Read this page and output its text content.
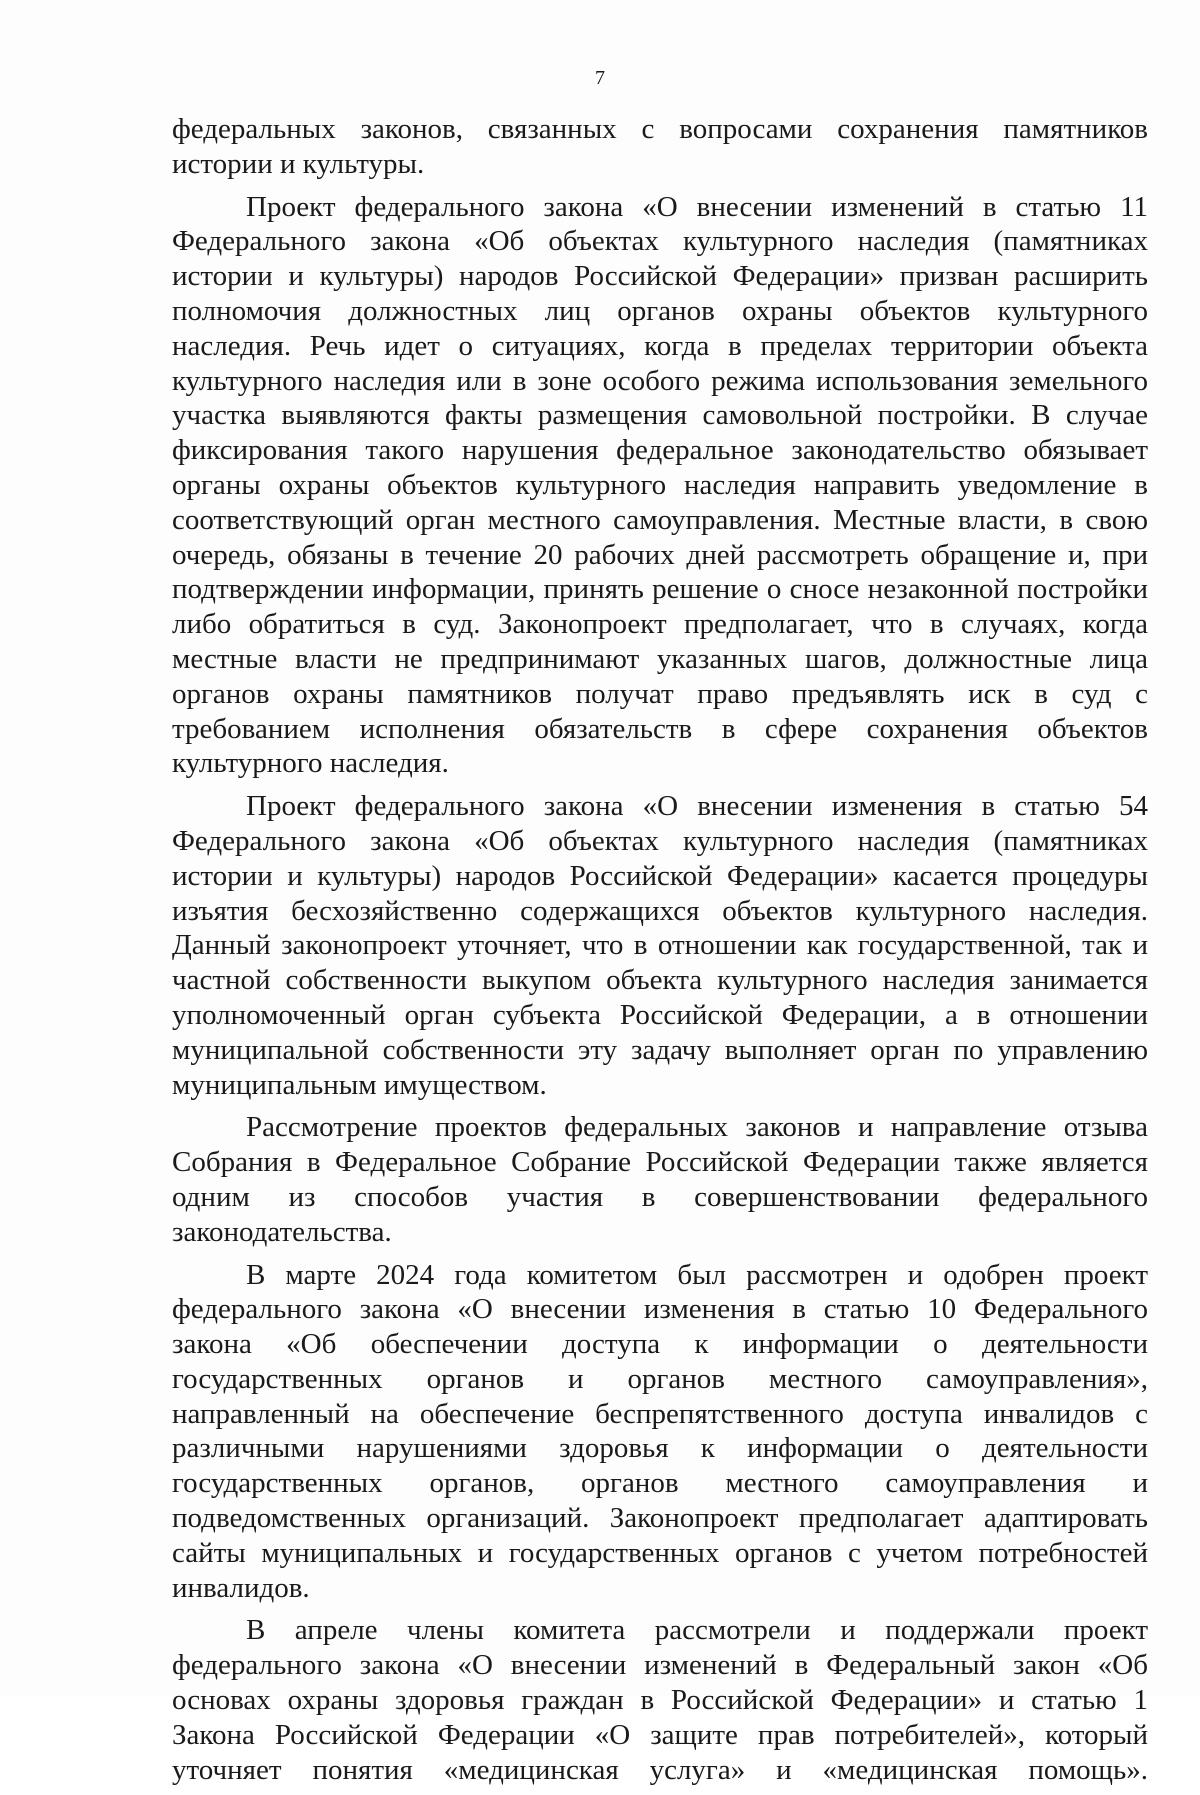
7

федеральных законов, связанных с вопросами сохранения памятников истории и культуры.

Проект федерального закона «О внесении изменений в статью 11 Федерального закона «Об объектах культурного наследия (памятниках истории и культуры) народов Российской Федерации» призван расширить полномочия должностных лиц органов охраны объектов культурного наследия. Речь идет о ситуациях, когда в пределах территории объекта культурного наследия или в зоне особого режима использования земельного участка выявляются факты размещения самовольной постройки. В случае фиксирования такого нарушения федеральное законодательство обязывает органы охраны объектов культурного наследия направить уведомление в соответствующий орган местного самоуправления. Местные власти, в свою очередь, обязаны в течение 20 рабочих дней рассмотреть обращение и, при подтверждении информации, принять решение о сносе незаконной постройки либо обратиться в суд. Законопроект предполагает, что в случаях, когда местные власти не предпринимают указанных шагов, должностные лица органов охраны памятников получат право предъявлять иск в суд с требованием исполнения обязательств в сфере сохранения объектов культурного наследия.

Проект федерального закона «О внесении изменения в статью 54 Федерального закона «Об объектах культурного наследия (памятниках истории и культуры) народов Российской Федерации» касается процедуры изъятия бесхозяйственно содержащихся объектов культурного наследия. Данный законопроект уточняет, что в отношении как государственной, так и частной собственности выкупом объекта культурного наследия занимается уполномоченный орган субъекта Российской Федерации, а в отношении муниципальной собственности эту задачу выполняет орган по управлению муниципальным имуществом.

Рассмотрение проектов федеральных законов и направление отзыва Собрания в Федеральное Собрание Российской Федерации также является одним из способов участия в совершенствовании федерального законодательства.

В марте 2024 года комитетом был рассмотрен и одобрен проект федерального закона «О внесении изменения в статью 10 Федерального закона «Об обеспечении доступа к информации о деятельности государственных органов и органов местного самоуправления», направленный на обеспечение беспрепятственного доступа инвалидов с различными нарушениями здоровья к информации о деятельности государственных органов, органов местного самоуправления и подведомственных организаций. Законопроект предполагает адаптировать сайты муниципальных и государственных органов с учетом потребностей инвалидов.

В апреле члены комитета рассмотрели и поддержали проект федерального закона «О внесении изменений в Федеральный закон «Об основах охраны здоровья граждан в Российской Федерации» и статью 1 Закона Российской Федерации «О защите прав потребителей», который уточняет понятия «медицинская услуга» и «медицинская помощь».
